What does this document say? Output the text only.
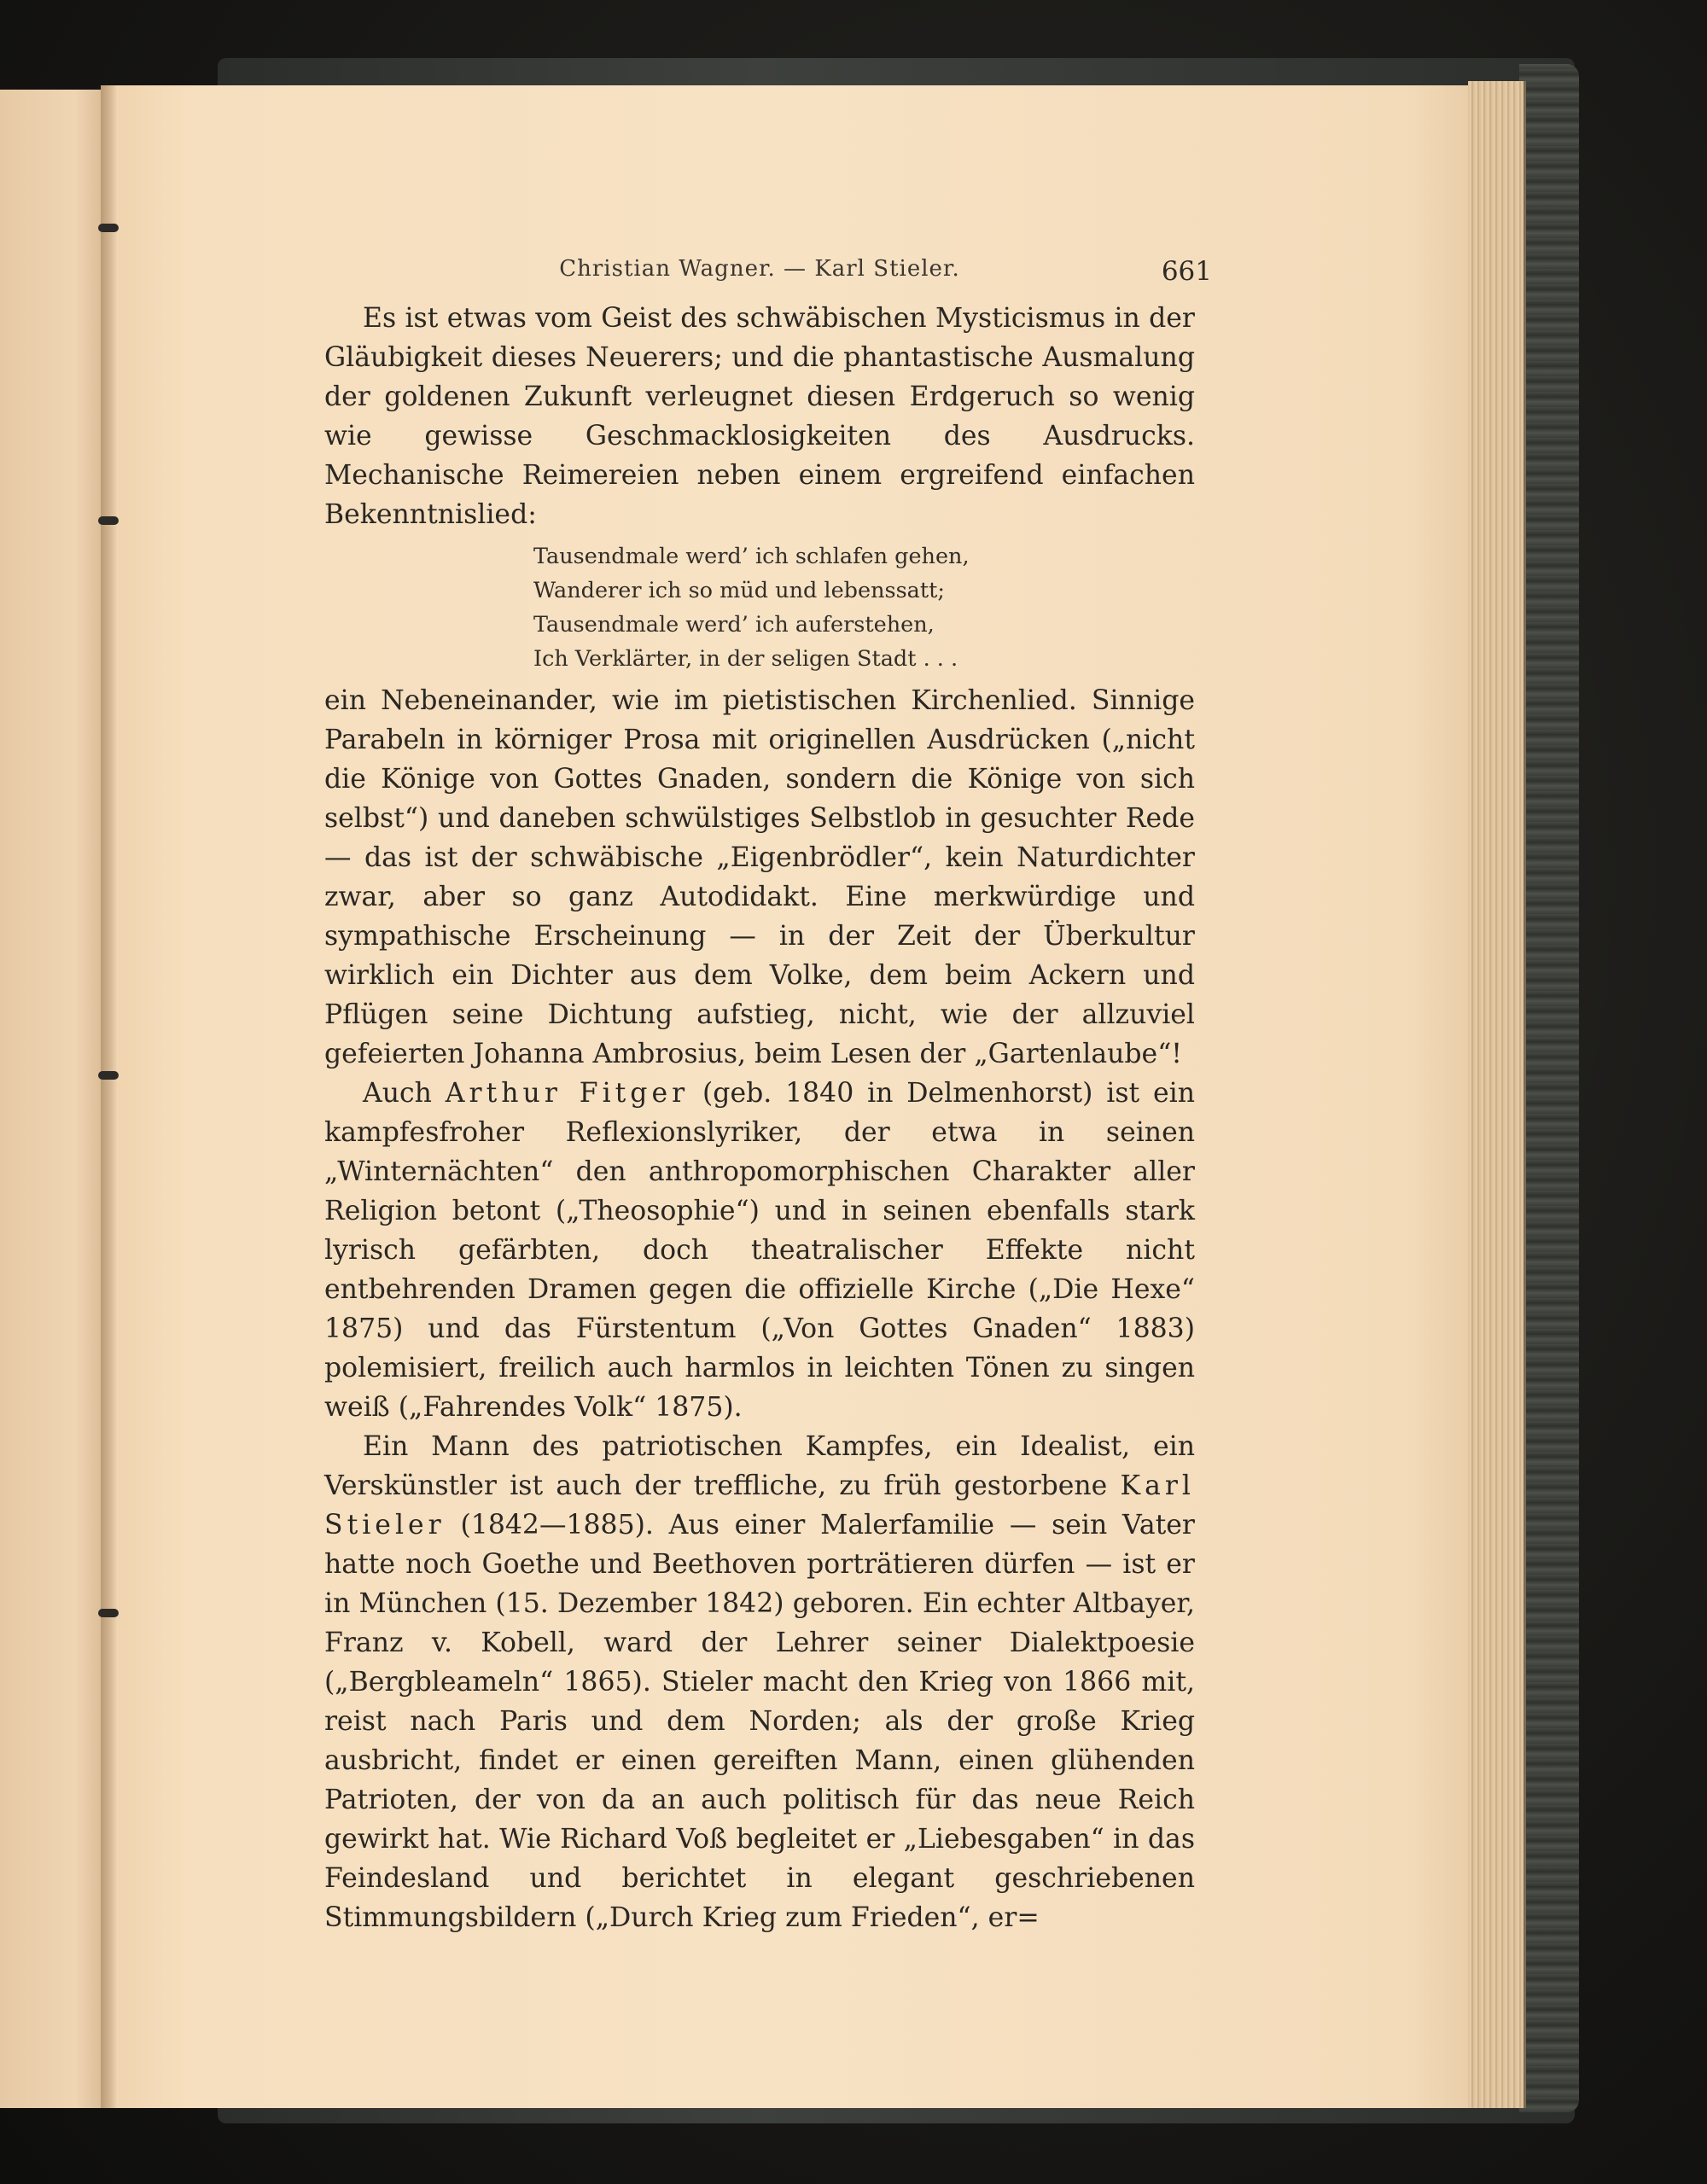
Christian Wagner. — Karl Stieler.	661

Es ist etwas vom Geist des schwäbischen Mysticismus in der Gläubigkeit dieses Neuerers; und die phantastische Ausmalung der goldenen Zukunft verleugnet diesen Erdgeruch so wenig wie gewisse Geschmacklosigkeiten des Ausdrucks. Mechanische Reimereien neben einem ergreifend einfachen Bekenntnislied:

Tausendmale werd’ ich schlafen gehen,
Wanderer ich so müd und lebenssatt;
Tausendmale werd’ ich auferstehen,
Ich Verklärter, in der seligen Stadt . . .

ein Nebeneinander, wie im pietistischen Kirchenlied. Sinnige Parabeln in körniger Prosa mit originellen Ausdrücken („nicht die Könige von Gottes Gnaden, sondern die Könige von sich selbst“) und daneben schwülstiges Selbstlob in gesuchter Rede — das ist der schwäbische „Eigenbrödler“, kein Naturdichter zwar, aber so ganz Autodidakt. Eine merkwürdige und sympathische Erscheinung — in der Zeit der Überkultur wirklich ein Dichter aus dem Volke, dem beim Ackern und Pflügen seine Dichtung aufstieg, nicht, wie der allzuviel gefeierten Johanna Ambrosius, beim Lesen der „Gartenlaube“!

Auch Arthur Fitger (geb. 1840 in Delmenhorst) ist ein kampfesfroher Reflexionslyriker, der etwa in seinen „Winternächten“ den anthropomorphischen Charakter aller Religion betont („Theosophie“) und in seinen ebenfalls stark lyrisch gefärbten, doch theatralischer Effekte nicht entbehrenden Dramen gegen die offizielle Kirche („Die Hexe“ 1875) und das Fürstentum („Von Gottes Gnaden“ 1883) polemisiert, freilich auch harmlos in leichten Tönen zu singen weiß („Fahrendes Volk“ 1875).

Ein Mann des patriotischen Kampfes, ein Idealist, ein Verskünstler ist auch der treffliche, zu früh gestorbene Karl Stieler (1842—1885). Aus einer Malerfamilie — sein Vater hatte noch Goethe und Beethoven porträtieren dürfen — ist er in München (15. Dezember 1842) geboren. Ein echter Altbayer, Franz v. Kobell, ward der Lehrer seiner Dialektpoesie („Bergbleameln“ 1865). Stieler macht den Krieg von 1866 mit, reist nach Paris und dem Norden; als der große Krieg ausbricht, findet er einen gereiften Mann, einen glühenden Patrioten, der von da an auch politisch für das neue Reich gewirkt hat. Wie Richard Voß begleitet er „Liebesgaben“ in das Feindesland und berichtet in elegant geschriebenen Stimmungsbildern („Durch Krieg zum Frieden“, er=
